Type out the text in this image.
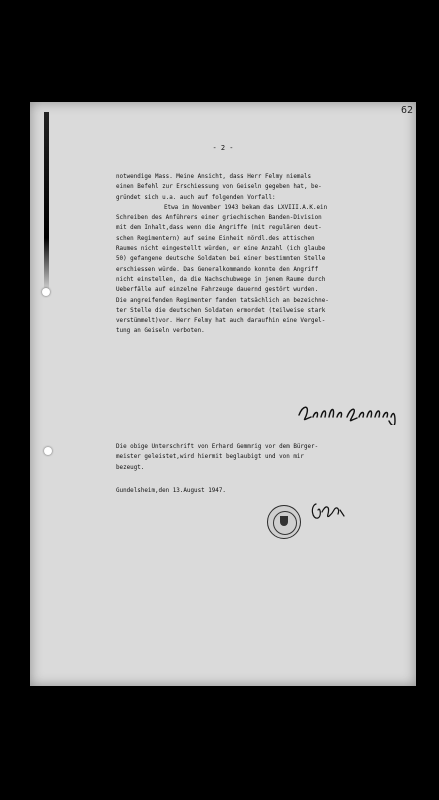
62
- 2 -

notwendige Mass. Meine Ansicht, dass Herr Felmy niemals
einen Befehl zur Erschiessung von Geiseln gegeben hat, be-
gründet sich u.a. auch auf folgenden Vorfall:

Etwa im November 1943 bekam das LXVIII.A.K.ein
Schreiben des Anführers einer griechischen Banden-Division
mit dem Inhalt,dass wenn die Angriffe (mit regulären deut-
schen Regimentern) auf seine Einheit nördl.des attischen
Raumes nicht eingestellt würden, er eine Anzahl (ich glaube
50) gefangene deutsche Soldaten bei einer bestimmten Stelle
erschiessen würde. Das Generalkommando konnte den Angriff
nicht einstellen, da die Nachschubwege in jenem Raume durch
Ueberfälle auf einzelne Fahrzeuge dauernd gestört wurden.
Die angreifenden Regimenter fanden tatsächlich an bezeichne-
ter Stelle die deutschen Soldaten ermordet (teilweise stark
verstümmelt)vor. Herr Felmy hat auch daraufhin eine Vergel-
tung an Geiseln verboten.

Die obige Unterschrift von Erhard Gemmrig vor dem Bürger-
meister geleistet,wird hiermit beglaubigt und von mir
bezeugt.

Gundelsheim,den 13.August 1947.
